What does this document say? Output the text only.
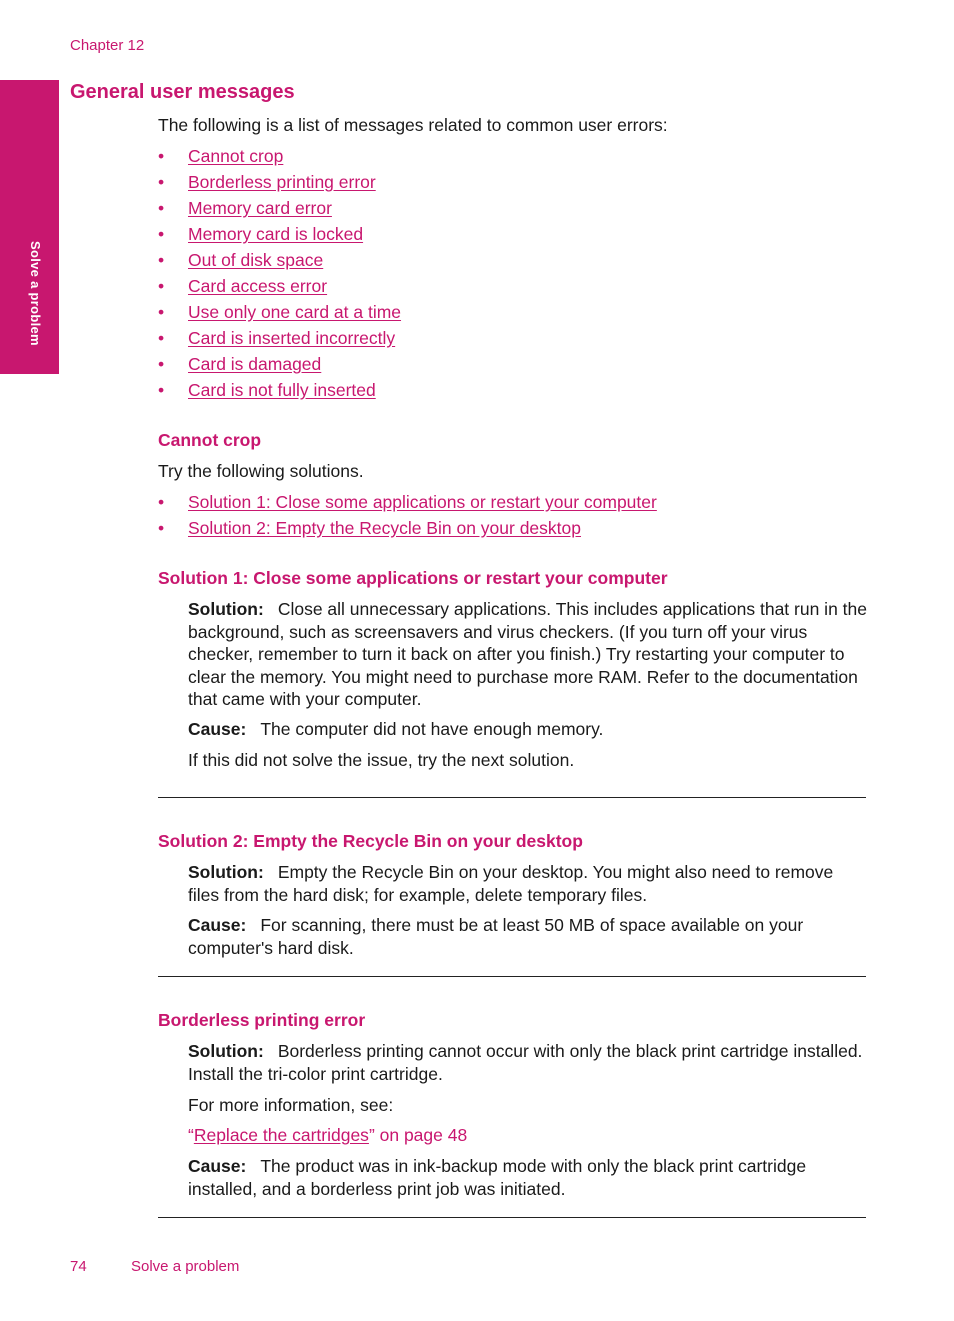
Chapter 12
Solve a problem
General user messages
The following is a list of messages related to common user errors:
• Cannot crop
• Borderless printing error
• Memory card error
• Memory card is locked
• Out of disk space
• Card access error
• Use only one card at a time
• Card is inserted incorrectly
• Card is damaged
• Card is not fully inserted
Cannot crop
Try the following solutions.
• Solution 1: Close some applications or restart your computer
• Solution 2: Empty the Recycle Bin on your desktop
Solution 1: Close some applications or restart your computer
Solution: Close all unnecessary applications. This includes applications that run in the background, such as screensavers and virus checkers. (If you turn off your virus checker, remember to turn it back on after you finish.) Try restarting your computer to clear the memory. You might need to purchase more RAM. Refer to the documentation that came with your computer.
Cause: The computer did not have enough memory.
If this did not solve the issue, try the next solution.
Solution 2: Empty the Recycle Bin on your desktop
Solution: Empty the Recycle Bin on your desktop. You might also need to remove files from the hard disk; for example, delete temporary files.
Cause: For scanning, there must be at least 50 MB of space available on your computer's hard disk.
Borderless printing error
Solution: Borderless printing cannot occur with only the black print cartridge installed. Install the tri-color print cartridge.
For more information, see:
“Replace the cartridges” on page 48
Cause: The product was in ink-backup mode with only the black print cartridge installed, and a borderless print job was initiated.
74	Solve a problem
